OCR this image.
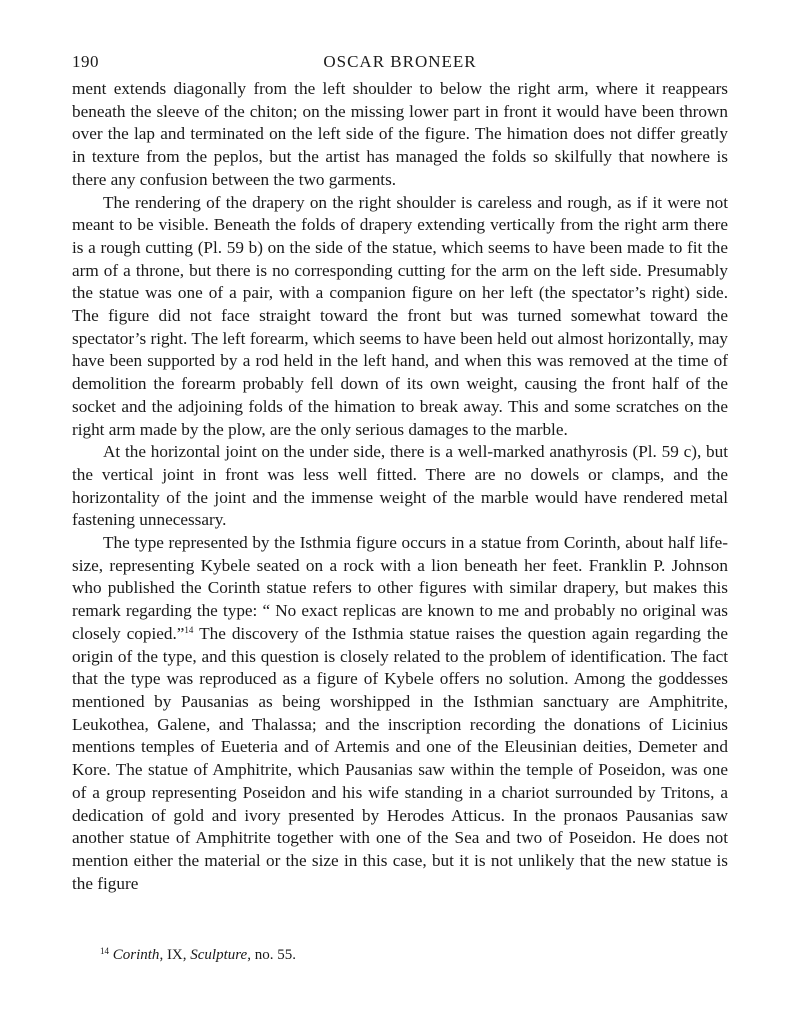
190	OSCAR BRONEER

ment extends diagonally from the left shoulder to below the right arm, where it reappears beneath the sleeve of the chiton; on the missing lower part in front it would have been thrown over the lap and terminated on the left side of the figure. The himation does not differ greatly in texture from the peplos, but the artist has managed the folds so skilfully that nowhere is there any confusion between the two garments.

The rendering of the drapery on the right shoulder is careless and rough, as if it were not meant to be visible. Beneath the folds of drapery extending vertically from the right arm there is a rough cutting (Pl. 59 b) on the side of the statue, which seems to have been made to fit the arm of a throne, but there is no corresponding cutting for the arm on the left side. Presumably the statue was one of a pair, with a companion figure on her left (the spectator’s right) side. The figure did not face straight toward the front but was turned somewhat toward the spectator’s right. The left forearm, which seems to have been held out almost horizontally, may have been supported by a rod held in the left hand, and when this was removed at the time of demolition the forearm probably fell down of its own weight, causing the front half of the socket and the adjoining folds of the himation to break away. This and some scratches on the right arm made by the plow, are the only serious damages to the marble.

At the horizontal joint on the under side, there is a well-marked anathyrosis (Pl. 59 c), but the vertical joint in front was less well fitted. There are no dowels or clamps, and the horizontality of the joint and the immense weight of the marble would have rendered metal fastening unnecessary.

The type represented by the Isthmia figure occurs in a statue from Corinth, about half life-size, representing Kybele seated on a rock with a lion beneath her feet. Franklin P. Johnson who published the Corinth statue refers to other figures with similar drapery, but makes this remark regarding the type: “ No exact replicas are known to me and probably no original was closely copied.”$^{14}$ The discovery of the Isthmia statue raises the question again regarding the origin of the type, and this question is closely related to the problem of identification. The fact that the type was reproduced as a figure of Kybele offers no solution. Among the goddesses mentioned by Pausanias as being worshipped in the Isthmian sanctuary are Amphitrite, Leukothea, Galene, and Thalassa; and the inscription recording the donations of Licinius mentions temples of Eueteria and of Artemis and one of the Eleusinian deities, Demeter and Kore. The statue of Amphitrite, which Pausanias saw within the temple of Poseidon, was one of a group representing Poseidon and his wife standing in a chariot surrounded by Tritons, a dedication of gold and ivory presented by Herodes Atticus. In the pronaos Pausanias saw another statue of Amphitrite together with one of the Sea and two of Poseidon. He does not mention either the material or the size in this case, but it is not unlikely that the new statue is the figure

$^{14}$ Corinth, IX, Sculpture, no. 55.
